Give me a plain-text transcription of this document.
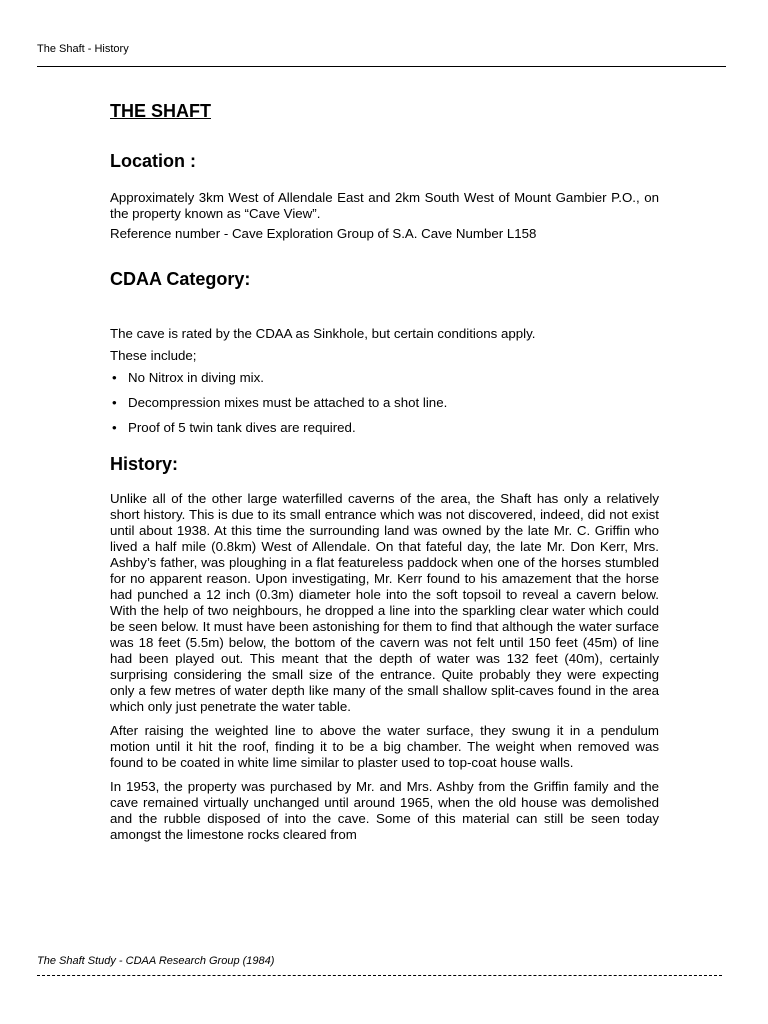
The Shaft - History
THE SHAFT
Location :

Approximately 3km West of Allendale East and 2km South West of Mount Gambier P.O., on the property known as “Cave View”.

Reference number - Cave Exploration Group of S.A. Cave Number L158

CDAA Category:

The cave is rated by the CDAA as Sinkhole, but certain conditions apply.

These include;

• No Nitrox in diving mix.
• Decompression mixes must be attached to a shot line.
• Proof of 5 twin tank dives are required.
History:

Unlike all of the other large waterfilled caverns of the area, the Shaft has only a relatively short history. This is due to its small entrance which was not discovered, indeed, did not exist until about 1938. At this time the surrounding land was owned by the late Mr. C. Griffin who lived a half mile (0.8km) West of Allendale. On that fateful day, the late Mr. Don Kerr, Mrs. Ashby’s father, was ploughing in a flat featureless paddock when one of the horses stumbled for no apparent reason. Upon investigating, Mr. Kerr found to his amazement that the horse had punched a 12 inch (0.3m) diameter hole into the soft topsoil to reveal a cavern below. With the help of two neighbours, he dropped a line into the sparkling clear water which could be seen below. It must have been astonishing for them to find that although the water surface was 18 feet (5.5m) below, the bottom of the cavern was not felt until 150 feet (45m) of line had been played out. This meant that the depth of water was 132 feet (40m), certainly surprising considering the small size of the entrance. Quite probably they were expecting only a few metres of water depth like many of the small shallow split-caves found in the area which only just penetrate the water table.

After raising the weighted line to above the water surface, they swung it in a pendulum motion until it hit the roof, finding it to be a big chamber. The weight when removed was found to be coated in white lime similar to plaster used to top-coat house walls.

In 1953, the property was purchased by Mr. and Mrs. Ashby from the Griffin family and the cave remained virtually unchanged until around 1965, when the old house was demolished and the rubble disposed of into the cave. Some of this material can still be seen today amongst the limestone rocks cleared from

The Shaft Study - CDAA Research Group (1984)
